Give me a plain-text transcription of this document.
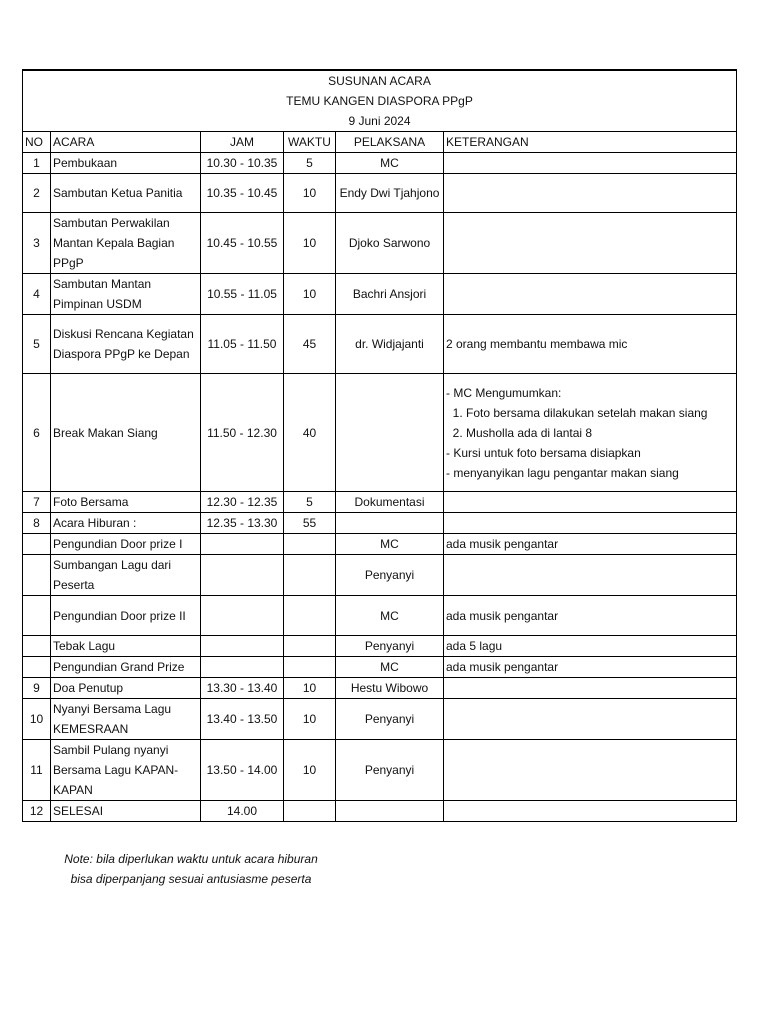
SUSUNAN ACARA
TEMU KANGEN DIASPORA PPgP
9 Juni 2024					

NO	ACARA	JAM	WAKTU	PELAKSANA	KETERANGAN
1	Pembukaan	10.30 - 10.35	5	MC	
2	Sambutan Ketua Panitia	10.35 - 10.45	10	Endy Dwi Tjahjono	
3	Sambutan Perwakilan Mantan Kepala Bagian PPgP	10.45 - 10.55	10	Djoko Sarwono	
4	Sambutan Mantan Pimpinan USDM	10.55 - 11.05	10	Bachri Ansjori	
5	Diskusi Rencana Kegiatan Diaspora PPgP ke Depan	11.05 - 11.50	45	dr. Widjajanti	2 orang membantu membawa mic
6	Break Makan Siang	11.50 - 12.30	40		- MC Mengumumkan:
1. Foto bersama dilakukan setelah makan siang
2. Musholla ada di lantai 8
- Kursi untuk foto bersama disiapkan
- menyanyikan lagu pengantar makan siang

7	Foto Bersama	12.30 - 12.35	5	Dokumentasi	
8	Acara Hiburan :	12.35 - 13.30	55		
	Pengundian Door prize I			MC	ada musik pengantar
	Sumbangan Lagu dari Peserta			Penyanyi	
	Pengundian Door prize II			MC	ada musik pengantar
	Tebak Lagu			Penyanyi	ada 5 lagu
	Pengundian Grand Prize			MC	ada musik pengantar
9	Doa Penutup	13.30 - 13.40	10	Hestu Wibowo	
10	Nyanyi Bersama Lagu KEMESRAAN	13.40 - 13.50	10	Penyanyi	
11	Sambil Pulang nyanyi Bersama Lagu KAPAN-KAPAN	13.50 - 14.00	10	Penyanyi	
12	SELESAI	14.00			
Note: bila diperlukan waktu untuk acara hiburan
bisa diperpanjang sesuai antusiasme peserta
